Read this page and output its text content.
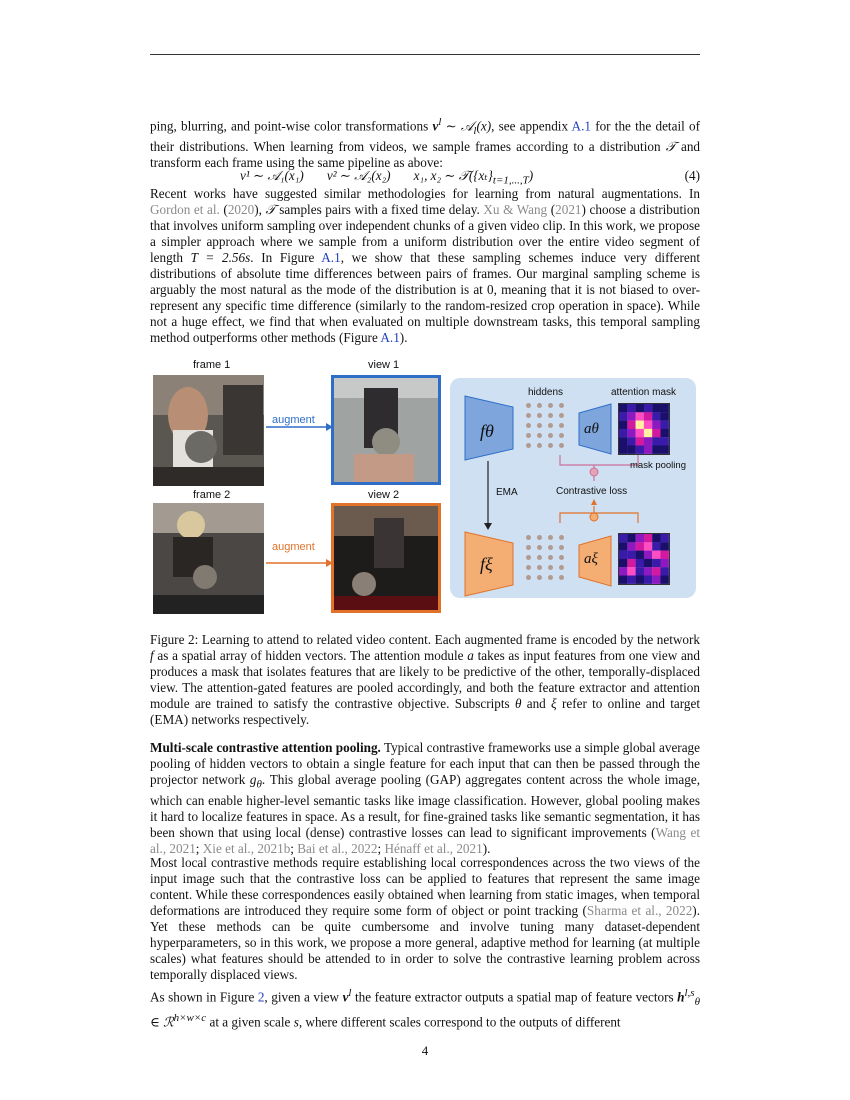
ping, blurring, and point-wise color transformations $v^l$ ∼ 𝒜$_l$(x), see appendix A.1 for the the detail of their distributions. When learning from videos, we sample frames according to a distribution 𝒯 and transform each frame using the same pipeline as above:

v¹ ∼ 𝒜₁(x₁) v² ∼ 𝒜₂(x₂) x₁, x₂ ∼ $𝒯(\{x_t\}_{t=1,...,T})$	(4)

Recent works have suggested similar methodologies for learning from natural augmentations. In Gordon et al. (2020), 𝒯 samples pairs with a fixed time delay. Xu & Wang (2021) choose a distribution that involves uniform sampling over independent chunks of a given video clip. In this work, we propose a simpler approach where we sample from a uniform distribution over the entire video segment of length T = 2.56s. In Figure A.1, we show that these sampling schemes induce very different distributions of absolute time differences between pairs of frames. Our marginal sampling scheme is arguably the most natural as the mode of the distribution is at 0, meaning that it is not biased to over-represent any specific time difference (similarly to the random-resized crop operation in space). While not a huge effect, we find that when evaluated on multiple downstream tasks, this temporal sampling method outperforms other methods (Figure A.1).

frame 1	view 1
frame 2	view 2
augment
augment
hiddens	attention mask
fθ
fξ
aθ
aξ
EMA
mask pooling
Contrastive loss

Figure 2: Learning to attend to related video content. Each augmented frame is encoded by the network f as a spatial array of hidden vectors. The attention module a takes as input features from one view and produces a mask that isolates features that are likely to be predictive of the other, temporally-displaced view. The attention-gated features are pooled accordingly, and both the feature extractor and attention module are trained to satisfy the contrastive objective. Subscripts θ and ξ refer to online and target (EMA) networks respectively.

Multi-scale contrastive attention pooling. Typical contrastive frameworks use a simple global average pooling of hidden vectors to obtain a single feature for each input that can then be passed through the projector network $g_\theta$. This global average pooling (GAP) aggregates content across the whole image, which can enable higher-level semantic tasks like image classification. However, global pooling makes it hard to localize features in space. As a result, for fine-grained tasks like semantic segmentation, it has been shown that using local (dense) contrastive losses can lead to significant improvements (Wang et al., 2021; Xie et al., 2021b; Bai et al., 2022; Hénaff et al., 2021).

Most local contrastive methods require establishing local correspondences across the two views of the input image such that the contrastive loss can be applied to features that represent the same image content. While these correspondences easily obtained when learning from static images, when temporal deformations are introduced they require some form of object or point tracking (Sharma et al., 2022). Yet these methods can be quite cumbersome and involve tuning many dataset-dependent hyperparameters, so in this work, we propose a more general, adaptive method for learning (at multiple scales) what features should be attended to in order to solve the contrastive learning problem across temporally displaced views.

As shown in Figure 2, given a view $v^l$ the feature extractor outputs a spatial map of feature vectors $h^{l,s}_\theta$ ∈ ℛ$^{h\times w\times c}$ at a given scale s, where different scales correspond to the outputs of different

4
